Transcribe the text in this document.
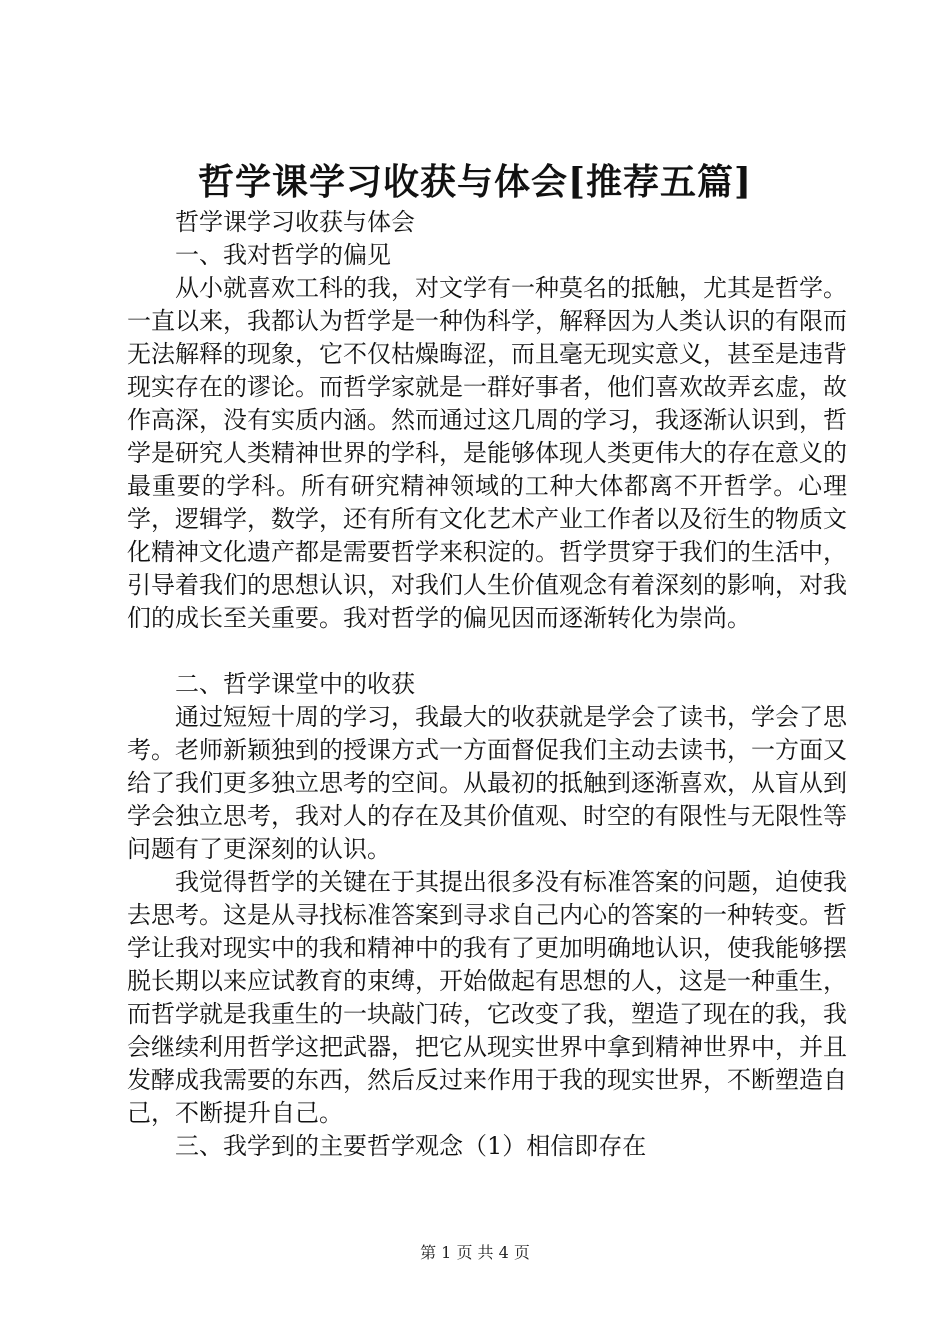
哲学课学习收获与体会[推荐五篇]

哲学课学习收获与体会

一、我对哲学的偏见

从小就喜欢工科的我，对文学有一种莫名的抵触，尤其是哲学。一直以来，我都认为哲学是一种伪科学，解释因为人类认识的有限而无法解释的现象，它不仅枯燥晦涩，而且毫无现实意义，甚至是违背现实存在的谬论。而哲学家就是一群好事者，他们喜欢故弄玄虚，故作高深，没有实质内涵。然而通过这几周的学习，我逐渐认识到，哲学是研究人类精神世界的学科，是能够体现人类更伟大的存在意义的最重要的学科。所有研究精神领域的工种大体都离不开哲学。心理学，逻辑学，数学，还有所有文化艺术产业工作者以及衍生的物质文化精神文化遗产都是需要哲学来积淀的。哲学贯穿于我们的生活中，引导着我们的思想认识，对我们人生价值观念有着深刻的影响，对我们的成长至关重要。我对哲学的偏见因而逐渐转化为崇尚。

二、哲学课堂中的收获

通过短短十周的学习，我最大的收获就是学会了读书，学会了思考。老师新颖独到的授课方式一方面督促我们主动去读书，一方面又给了我们更多独立思考的空间。从最初的抵触到逐渐喜欢，从盲从到学会独立思考，我对人的存在及其价值观、时空的有限性与无限性等问题有了更深刻的认识。

我觉得哲学的关键在于其提出很多没有标准答案的问题，迫使我去思考。这是从寻找标准答案到寻求自己内心的答案的一种转变。哲学让我对现实中的我和精神中的我有了更加明确地认识，使我能够摆脱长期以来应试教育的束缚，开始做起有思想的人，这是一种重生，而哲学就是我重生的一块敲门砖，它改变了我，塑造了现在的我，我会继续利用哲学这把武器，把它从现实世界中拿到精神世界中，并且发酵成我需要的东西，然后反过来作用于我的现实世界，不断塑造自己，不断提升自己。

三、我学到的主要哲学观念（1）相信即存在

第 1 页 共 4 页
